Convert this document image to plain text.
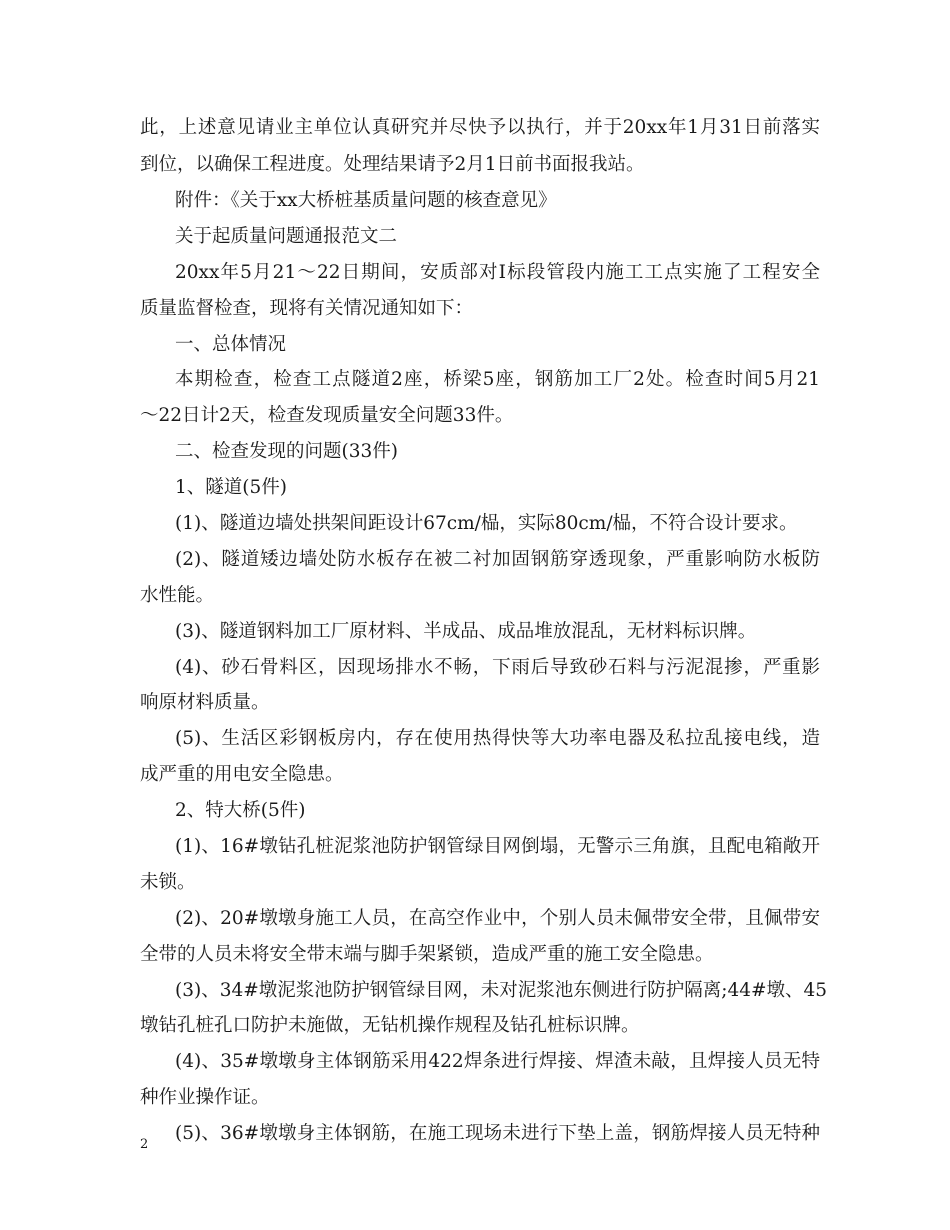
此，上述意见请业主单位认真研究并尽快予以执行，并于20xx年1月31日前落实
到位，以确保工程进度。处理结果请予2月1日前书面报我站。
附件：《关于xx大桥桩基质量问题的核查意见》
关于起质量问题通报范文二
20xx年5月21～22日期间，安质部对Ⅰ标段管段内施工工点实施了工程安全
质量监督检查，现将有关情况通知如下：
一、总体情况
本期检查，检查工点隧道2座，桥梁5座，钢筋加工厂2处。检查时间5月21
～22日计2天，检查发现质量安全问题33件。
二、检查发现的问题(33件)
1、隧道(5件)
(1)、隧道边墙处拱架间距设计67cm/榀，实际80cm/榀，不符合设计要求。
(2)、隧道矮边墙处防水板存在被二衬加固钢筋穿透现象，严重影响防水板防
水性能。
(3)、隧道钢料加工厂原材料、半成品、成品堆放混乱，无材料标识牌。
(4)、砂石骨料区，因现场排水不畅，下雨后导致砂石料与污泥混掺，严重影
响原材料质量。
(5)、生活区彩钢板房内，存在使用热得快等大功率电器及私拉乱接电线，造
成严重的用电安全隐患。
2、特大桥(5件)
(1)、16#墩钻孔桩泥浆池防护钢管绿目网倒塌，无警示三角旗，且配电箱敞开
未锁。
(2)、20#墩墩身施工人员，在高空作业中，个别人员未佩带安全带，且佩带安
全带的人员未将安全带末端与脚手架紧锁，造成严重的施工安全隐患。
(3)、34#墩泥浆池防护钢管绿目网，未对泥浆池东侧进行防护隔离;44#墩、45
墩钻孔桩孔口防护未施做，无钻机操作规程及钻孔桩标识牌。
(4)、35#墩墩身主体钢筋采用422焊条进行焊接、焊渣未敲，且焊接人员无特
种作业操作证。
(5)、36#墩墩身主体钢筋，在施工现场未进行下垫上盖，钢筋焊接人员无特种
2
